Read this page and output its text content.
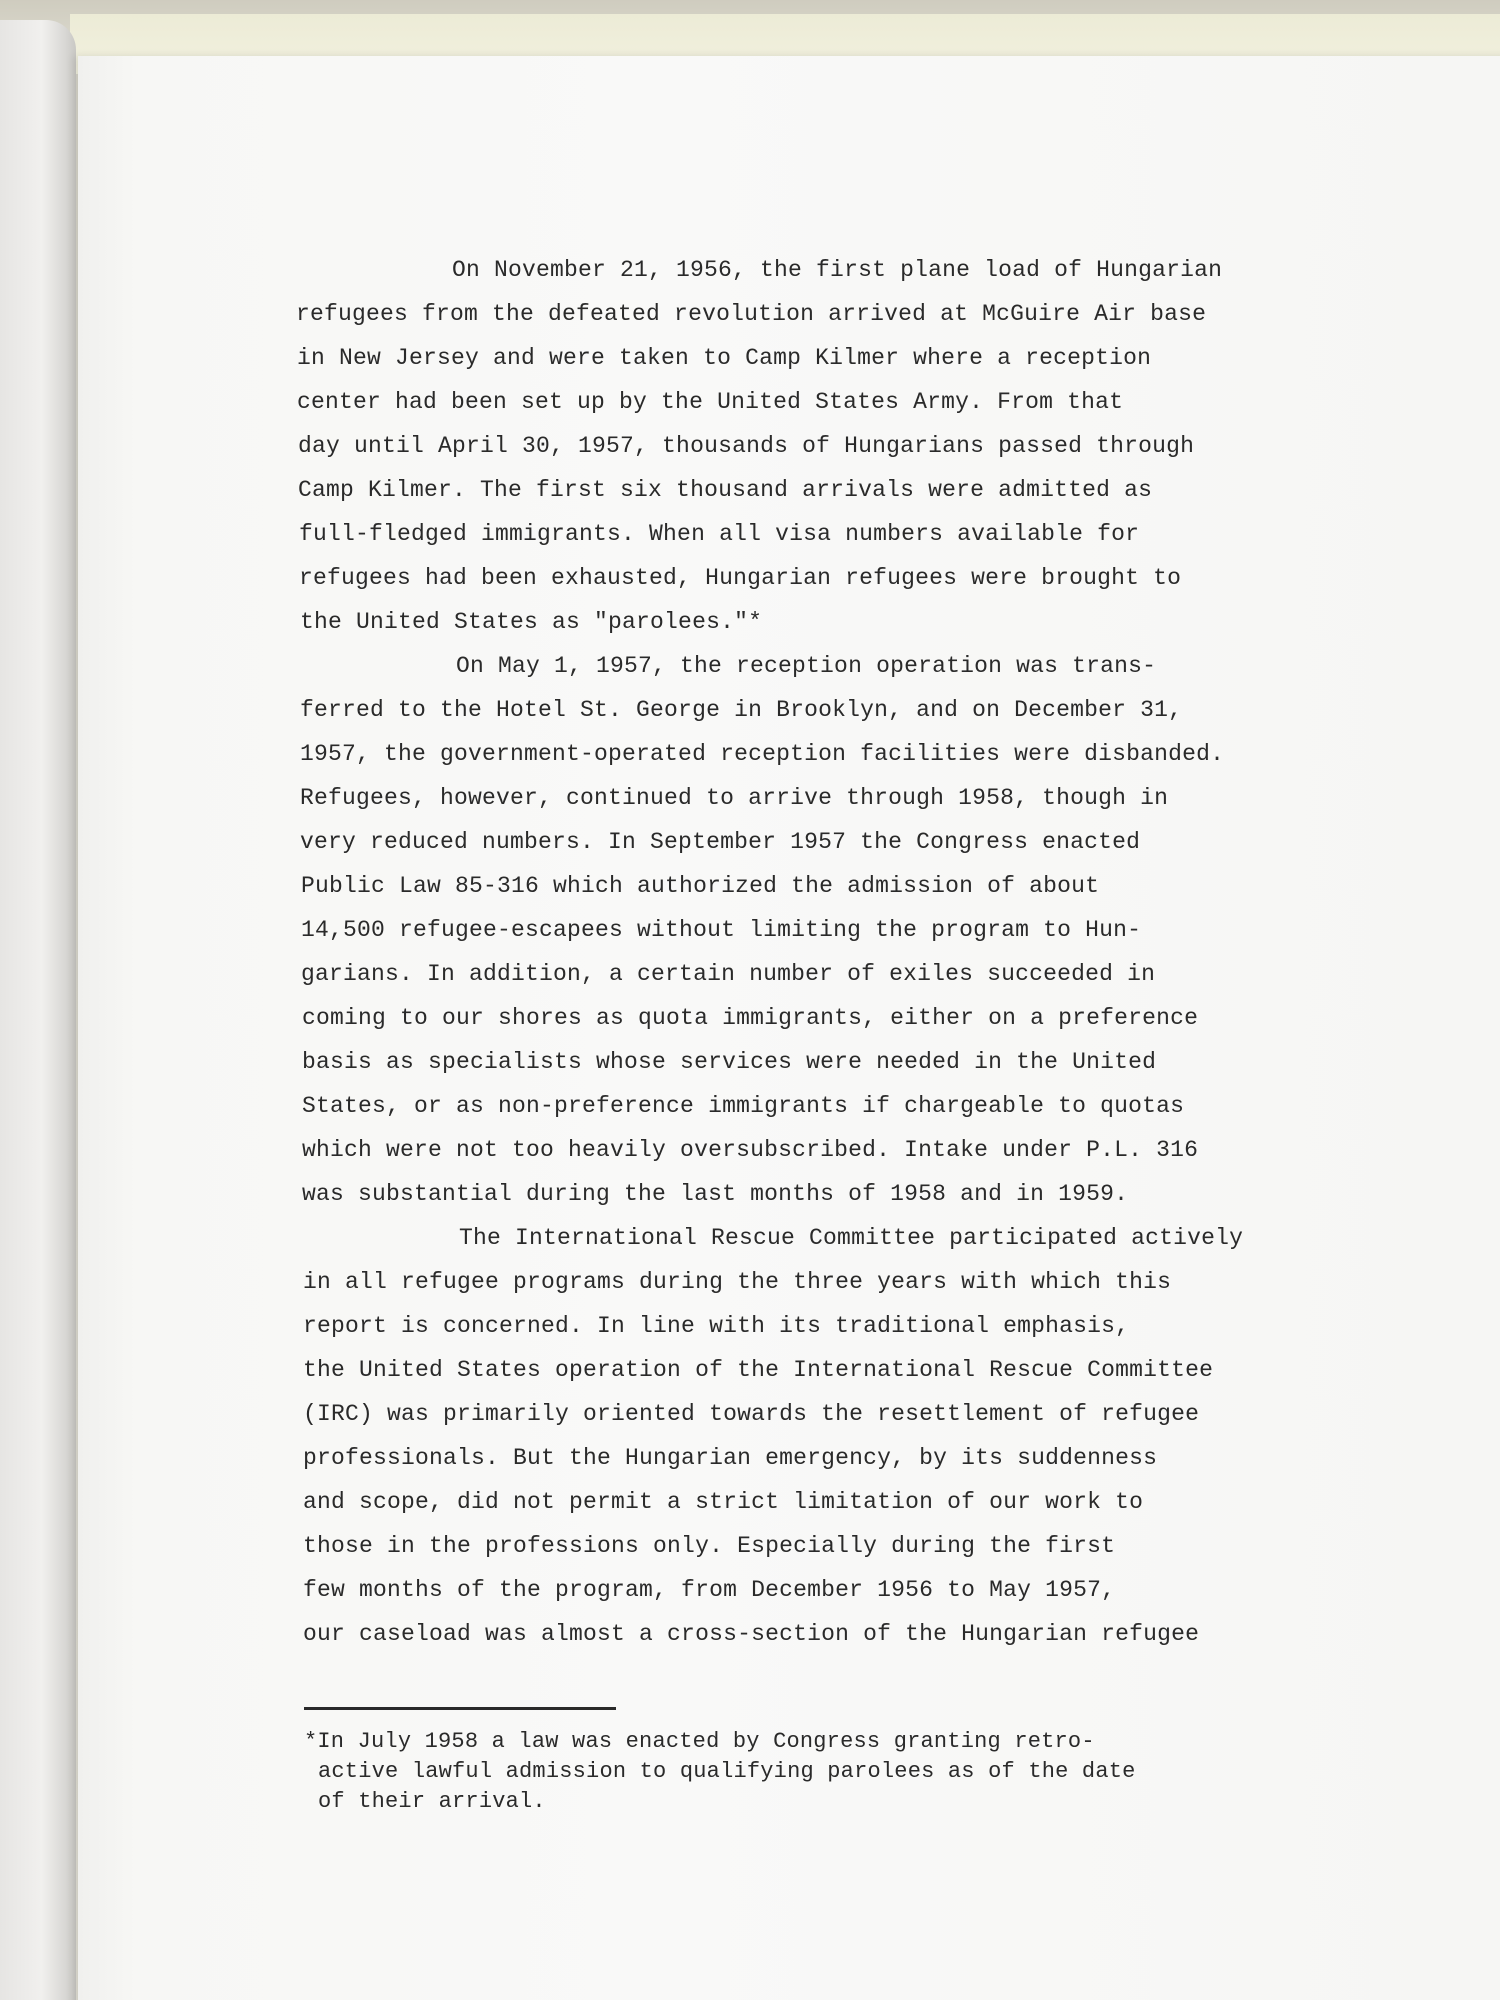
On November 21, 1956, the first plane load of Hungarian
refugees from the defeated revolution arrived at McGuire Air base
in New Jersey and were taken to Camp Kilmer where a reception
center had been set up by the United States Army. From that
day until April 30, 1957, thousands of Hungarians passed through
Camp Kilmer. The first six thousand arrivals were admitted as
full-fledged immigrants. When all visa numbers available for
refugees had been exhausted, Hungarian refugees were brought to
the United States as "parolees."*
On May 1, 1957, the reception operation was trans-
ferred to the Hotel St. George in Brooklyn, and on December 31,
1957, the government-operated reception facilities were disbanded.
Refugees, however, continued to arrive through 1958, though in
very reduced numbers. In September 1957 the Congress enacted
Public Law 85-316 which authorized the admission of about
14,500 refugee-escapees without limiting the program to Hun-
garians. In addition, a certain number of exiles succeeded in
coming to our shores as quota immigrants, either on a preference
basis as specialists whose services were needed in the United
States, or as non-preference immigrants if chargeable to quotas
which were not too heavily oversubscribed. Intake under P.L. 316
was substantial during the last months of 1958 and in 1959.
The International Rescue Committee participated actively
in all refugee programs during the three years with which this
report is concerned. In line with its traditional emphasis,
the United States operation of the International Rescue Committee
(IRC) was primarily oriented towards the resettlement of refugee
professionals. But the Hungarian emergency, by its suddenness
and scope, did not permit a strict limitation of our work to
those in the professions only. Especially during the first
few months of the program, from December 1956 to May 1957,
our caseload was almost a cross-section of the Hungarian refugee
*In July 1958 a law was enacted by Congress granting retro-
active lawful admission to qualifying parolees as of the date
of their arrival.
